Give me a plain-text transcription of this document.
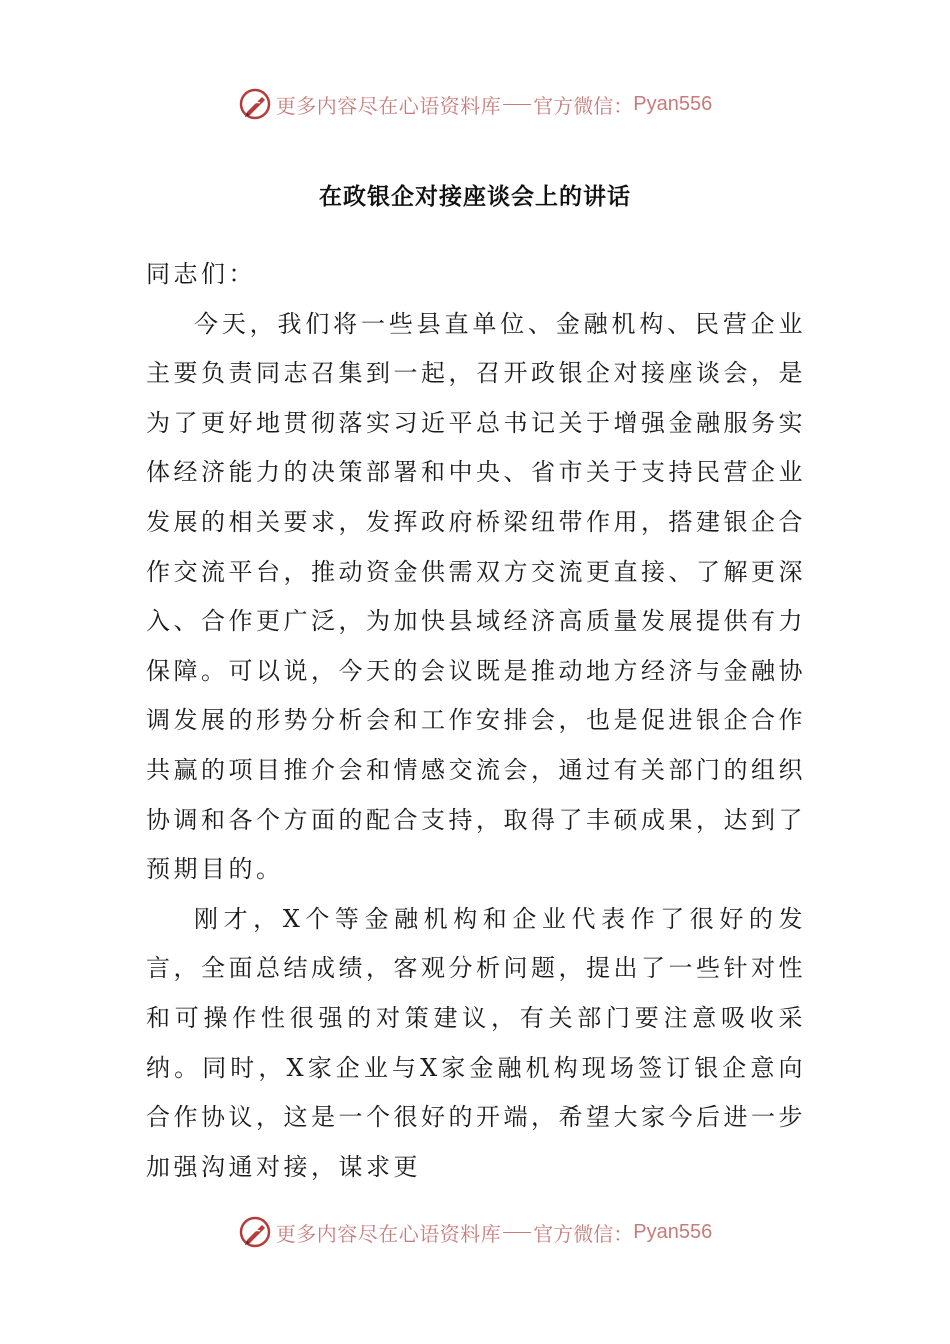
更多内容尽在心语资料库 官方微信： Pyan556
在政银企对接座谈会上的讲话

同志们：

今天，我们将一些县直单位、金融机构、民营企业主要负责同志召集到一起，召开政银企对接座谈会，是为了更好地贯彻落实习近平总书记关于增强金融服务实体经济能力的决策部署和中央、省市关于支持民营企业发展的相关要求，发挥政府桥梁纽带作用，搭建银企合作交流平台，推动资金供需双方交流更直接、了解更深入、合作更广泛，为加快县域经济高质量发展提供有力保障。可以说，今天的会议既是推动地方经济与金融协调发展的形势分析会和工作安排会，也是促进银企合作共赢的项目推介会和情感交流会，通过有关部门的组织协调和各个方面的配合支持，取得了丰硕成果，达到了预期目的。

刚才，X个等金融机构和企业代表作了很好的发言，全面总结成绩，客观分析问题，提出了一些针对性和可操作性很强的对策建议，有关部门要注意吸收采纳。同时，X家企业与X家金融机构现场签订银企意向合作协议，这是一个很好的开端，希望大家今后进一步加强沟通对接，谋求更

更多内容尽在心语资料库 官方微信： Pyan556
